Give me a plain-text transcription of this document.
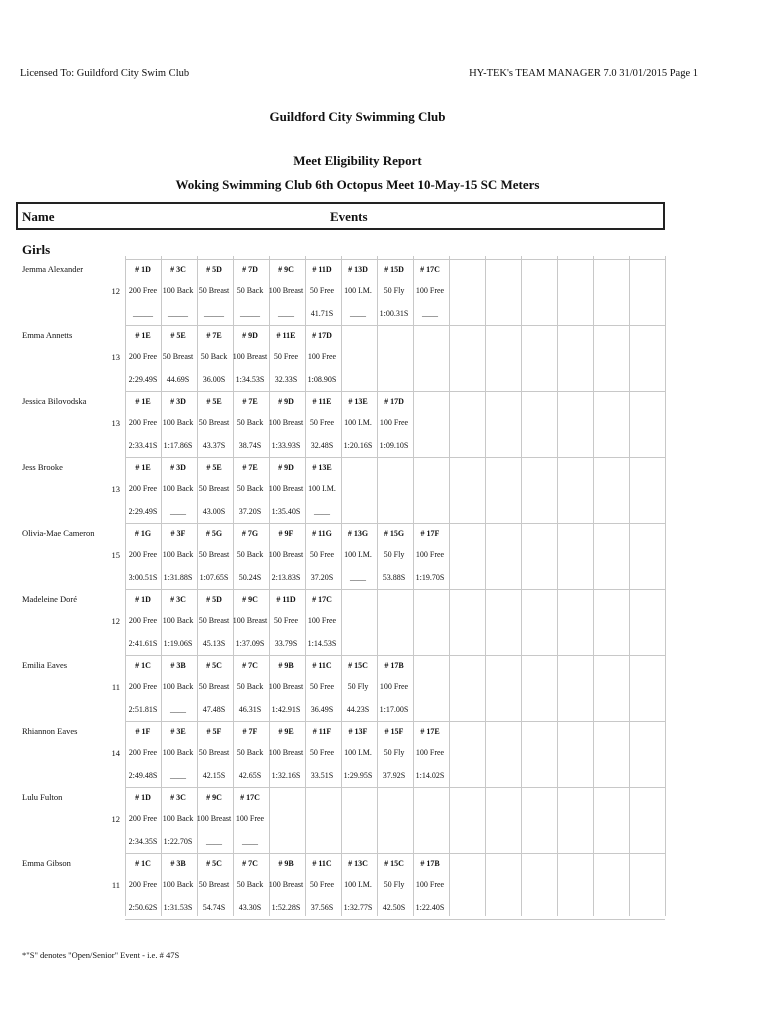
Licensed To: Guildford City Swim Club	HY-TEK's TEAM MANAGER 7.0 31/01/2015 Page 1
Guildford City Swimming Club
Meet Eligibility Report
Woking Swimming Club 6th Octopus Meet 10-May-15 SC Meters
Name	Events
Girls
Jemma Alexander
12
# 1D
200 Free
_____
# 3C
100 Back
_____
# 5D
50 Breast
_____
# 7D
50 Back
_____
# 9C
100 Breast
____
# 11D
50 Free
41.71S
# 13D
100 I.M.
____
# 15D
50 Fly
1:00.31S
# 17C
100 Free
____
Emma Annetts
13
# 1E
200 Free
2:29.49S
# 5E
50 Breast
44.69S
# 7E
50 Back
36.00S
# 9D
100 Breast
1:34.53S
# 11E
50 Free
32.33S
# 17D
100 Free
1:08.90S
Jessica Bilovodska
13
# 1E
200 Free
2:33.41S
# 3D
100 Back
1:17.86S
# 5E
50 Breast
43.37S
# 7E
50 Back
38.74S
# 9D
100 Breast
1:33.93S
# 11E
50 Free
32.48S
# 13E
100 I.M.
1:20.16S
# 17D
100 Free
1:09.10S
Jess Brooke
13
# 1E
200 Free
2:29.49S
# 3D
100 Back
____
# 5E
50 Breast
43.00S
# 7E
50 Back
37.20S
# 9D
100 Breast
1:35.40S
# 13E
100 I.M.
____
Olivia-Mae Cameron
15
# 1G
200 Free
3:00.51S
# 3F
100 Back
1:31.88S
# 5G
50 Breast
1:07.65S
# 7G
50 Back
50.24S
# 9F
100 Breast
2:13.83S
# 11G
50 Free
37.20S
# 13G
100 I.M.
____
# 15G
50 Fly
53.88S
# 17F
100 Free
1:19.70S
Madeleine Doré
12
# 1D
200 Free
2:41.61S
# 3C
100 Back
1:19.06S
# 5D
50 Breast
45.13S
# 9C
100 Breast
1:37.09S
# 11D
50 Free
33.79S
# 17C
100 Free
1:14.53S
Emilia Eaves
11
# 1C
200 Free
2:51.81S
# 3B
100 Back
____
# 5C
50 Breast
47.48S
# 7C
50 Back
46.31S
# 9B
100 Breast
1:42.91S
# 11C
50 Free
36.49S
# 15C
50 Fly
44.23S
# 17B
100 Free
1:17.00S
Rhiannon Eaves
14
# 1F
200 Free
2:49.48S
# 3E
100 Back
____
# 5F
50 Breast
42.15S
# 7F
50 Back
42.65S
# 9E
100 Breast
1:32.16S
# 11F
50 Free
33.51S
# 13F
100 I.M.
1:29.95S
# 15F
50 Fly
37.92S
# 17E
100 Free
1:14.02S
Lulu Fulton
12
# 1D
200 Free
2:34.35S
# 3C
100 Back
1:22.70S
# 9C
100 Breast
____
# 17C
100 Free
____
Emma Gibson
11
# 1C
200 Free
2:50.62S
# 3B
100 Back
1:31.53S
# 5C
50 Breast
54.74S
# 7C
50 Back
43.30S
# 9B
100 Breast
1:52.28S
# 11C
50 Free
37.56S
# 13C
100 I.M.
1:32.77S
# 15C
50 Fly
42.50S
# 17B
100 Free
1:22.40S
*"S" denotes "Open/Senior" Event - i.e. # 47S
